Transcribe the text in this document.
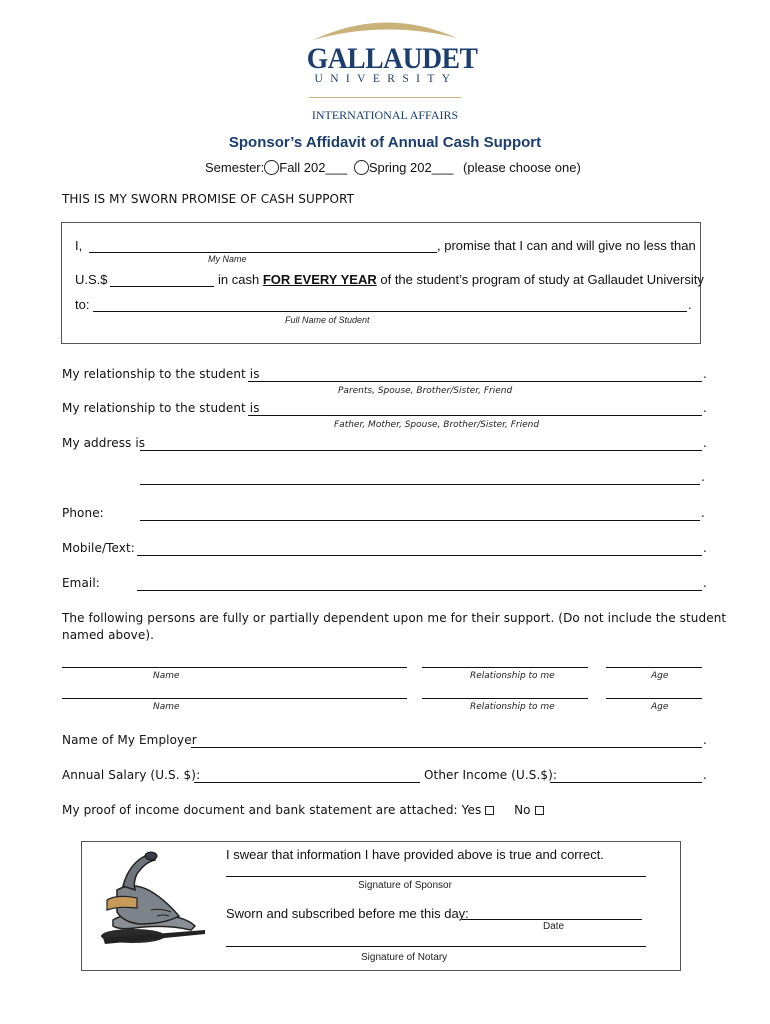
GALLAUDET
UNIVERSITY
INTERNATIONAL AFFAIRS
Sponsor’s Affidavit of Annual Cash Support
Semester: Fall 202___ Spring 202___ (please choose one)
THIS IS MY SWORN PROMISE OF CASH SUPPORT
I,	, promise that I can and will give no less than
My Name
U.S.$	in cash FOR EVERY YEAR of the student’s program of study at Gallaudet University
to:	.
Full Name of Student
My relationship to the student is	.
Parents, Spouse, Brother/Sister, Friend
My relationship to the student is	.
Father, Mother, Spouse, Brother/Sister, Friend
My address is	.
.
Phone:	.
Mobile/Text:	.
Email:	.
The following persons are fully or partially dependent upon me for their support. (Do not include the student
named above).
Name	Relationship to me	Age
Name	Relationship to me	Age
Name of My Employer	.
Annual Salary (U.S. $):	Other Income (U.S.$):	.
My proof of income document and bank statement are attached: Yes	No
I swear that information I have provided above is true and correct.
Signature of Sponsor
Sworn and subscribed before me this day:
Date
Signature of Notary
